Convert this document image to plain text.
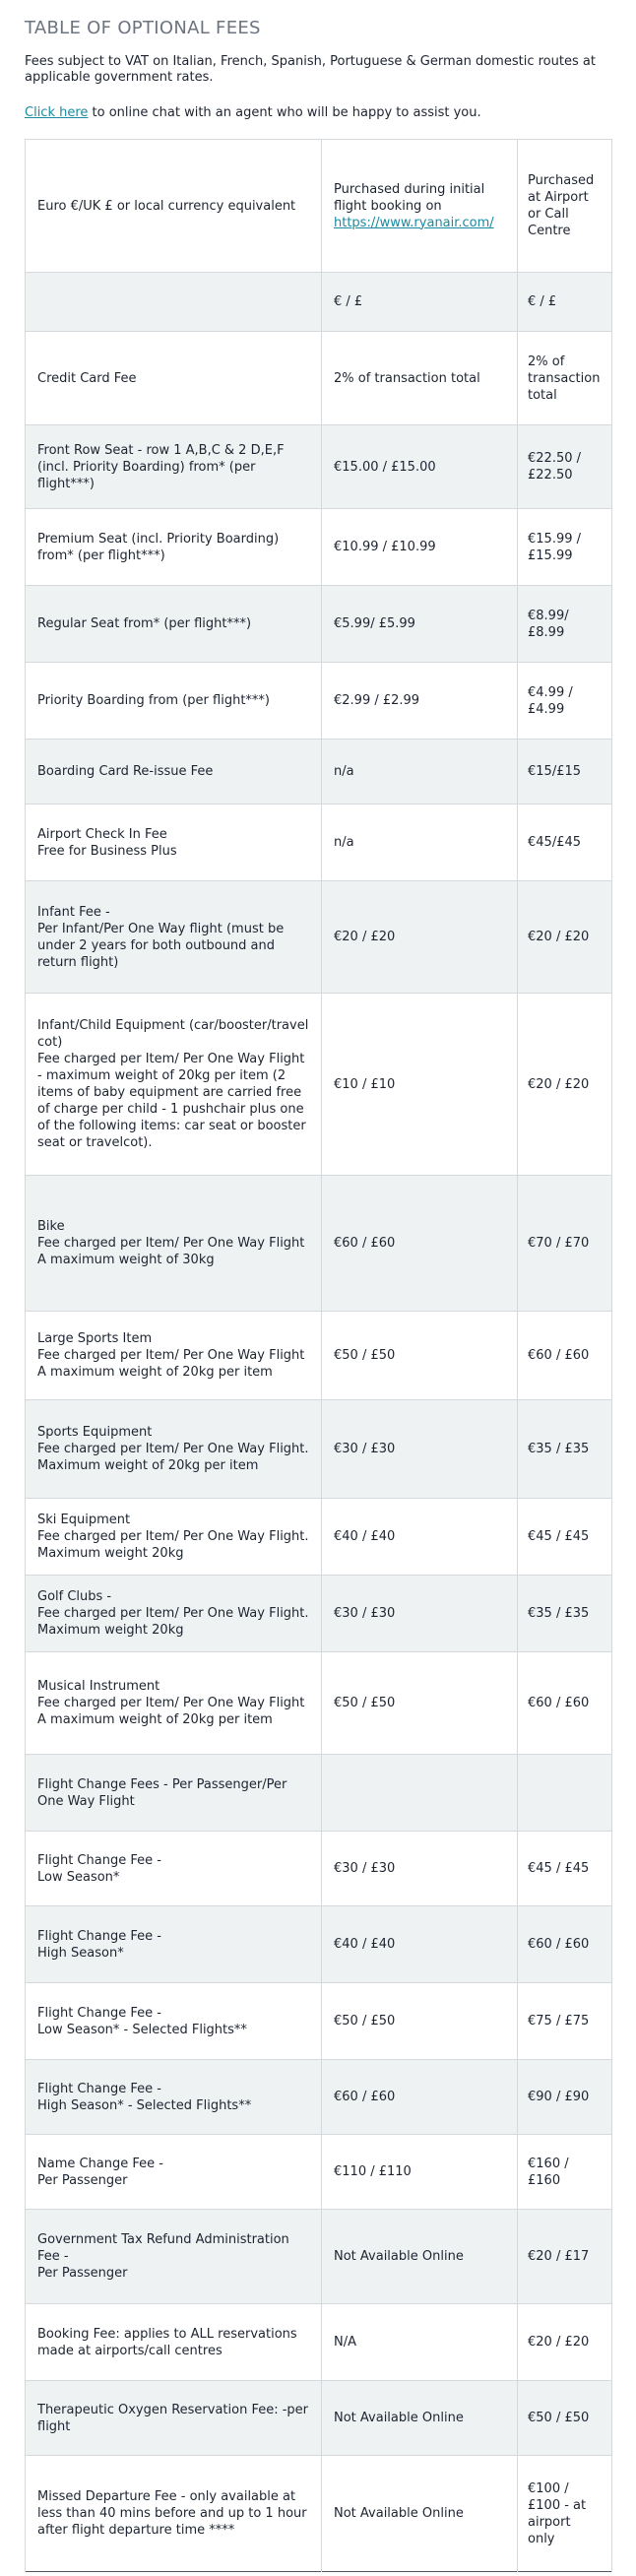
TABLE OF OPTIONAL FEES

Fees subject to VAT on Italian, French, Spanish, Portuguese & German domestic routes at applicable government rates.

Click here to online chat with an agent who will be happy to assist you.

Euro €/UK £ or local currency equivalent	Purchased during initial flight booking on https://www.ryanair.com/	Purchased at Airport or Call Centre

	€ / £	€ / £

Credit Card Fee	2% of transaction total	2% of transaction total

Front Row Seat - row 1 A,B,C & 2 D,E,F (incl. Priority Boarding) from* (per flight***)	€15.00 / £15.00	€22.50 / £22.50

Premium Seat (incl. Priority Boarding) from* (per flight***)	€10.99 / £10.99	€15.99 / £15.99

Regular Seat from* (per flight***)	€5.99/ £5.99	€8.99/ £8.99

Priority Boarding from (per flight***)	€2.99 / £2.99	€4.99 / £4.99

Boarding Card Re-issue Fee	n/a	€15/£15

Airport Check In Fee
Free for Business Plus	n/a	€45/£45

Infant Fee -
Per Infant/Per One Way flight (must be under 2 years for both outbound and return flight)	€20 / £20	€20 / £20

Infant/Child Equipment (car/booster/travel cot)
Fee charged per Item/ Per One Way Flight - maximum weight of 20kg per item (2 items of baby equipment are carried free of charge per child - 1 pushchair plus one of the following items: car seat or booster seat or travelcot).	€10 / £10	€20 / £20

Bike
Fee charged per Item/ Per One Way Flight
A maximum weight of 30kg	€60 / £60	€70 / £70

Large Sports Item
Fee charged per Item/ Per One Way Flight
A maximum weight of 20kg per item	€50 / £50	€60 / £60

Sports Equipment
Fee charged per Item/ Per One Way Flight. Maximum weight of 20kg per item	€30 / £30	€35 / £35

Ski Equipment
Fee charged per Item/ Per One Way Flight. Maximum weight 20kg	€40 / £40	€45 / £45

Golf Clubs -
Fee charged per Item/ Per One Way Flight. Maximum weight 20kg	€30 / £30	€35 / £35

Musical Instrument
Fee charged per Item/ Per One Way Flight
A maximum weight of 20kg per item	€50 / £50	€60 / £60

Flight Change Fees - Per Passenger/Per One Way Flight		

Flight Change Fee -
Low Season*	€30 / £30	€45 / £45

Flight Change Fee -
High Season*	€40 / £40	€60 / £60

Flight Change Fee -
Low Season* - Selected Flights**	€50 / £50	€75 / £75

Flight Change Fee -
High Season* - Selected Flights**	€60 / £60	€90 / £90

Name Change Fee -
Per Passenger	€110 / £110	€160 / £160

Government Tax Refund Administration Fee -
Per Passenger	Not Available Online	€20 / £17

Booking Fee: applies to ALL reservations made at airports/call centres	N/A	€20 / £20

Therapeutic Oxygen Reservation Fee: -per flight	Not Available Online	€50 / £50

Missed Departure Fee - only available at less than 40 mins before and up to 1 hour after flight departure time ****	Not Available Online	€100 / £100 - at airport only
